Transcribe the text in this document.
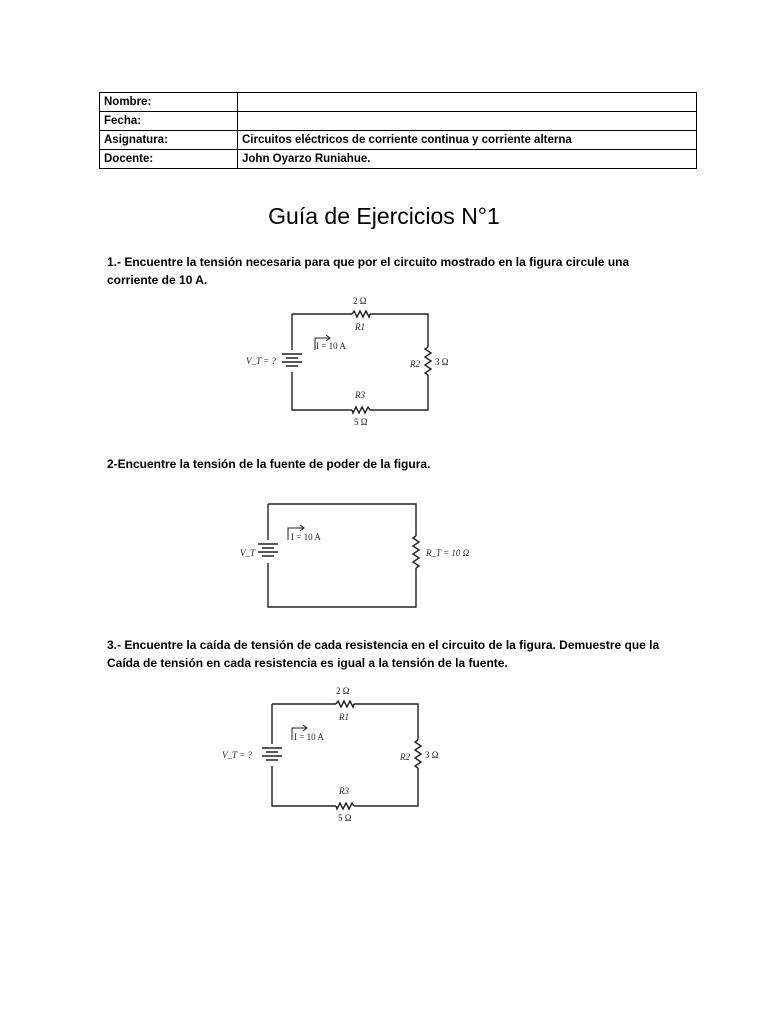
Nombre:	
Fecha:	
Asignatura:	Circuitos eléctricos de corriente continua y corriente alterna
Docente:	John Oyarzo Runiahue.
Guía de Ejercicios N°1
1.- Encuentre la tensión necesaria para que por el circuito mostrado en la figura circule una corriente de 10 A.
2 Ω
R1
I = 10 A
V_T = ?	R2 3 Ω
R3
5 Ω
2-Encuentre la tensión de la fuente de poder de la figura.
I = 10 A
V_T	R_T = 10 Ω
3.- Encuentre la caída de tensión de cada resistencia en el circuito de la figura. Demuestre que la Caída de tensión en cada resistencia es igual a la tensión de la fuente.
2 Ω
R1
I = 10 A
V_T = ?	R2 3 Ω
R3
5 Ω
